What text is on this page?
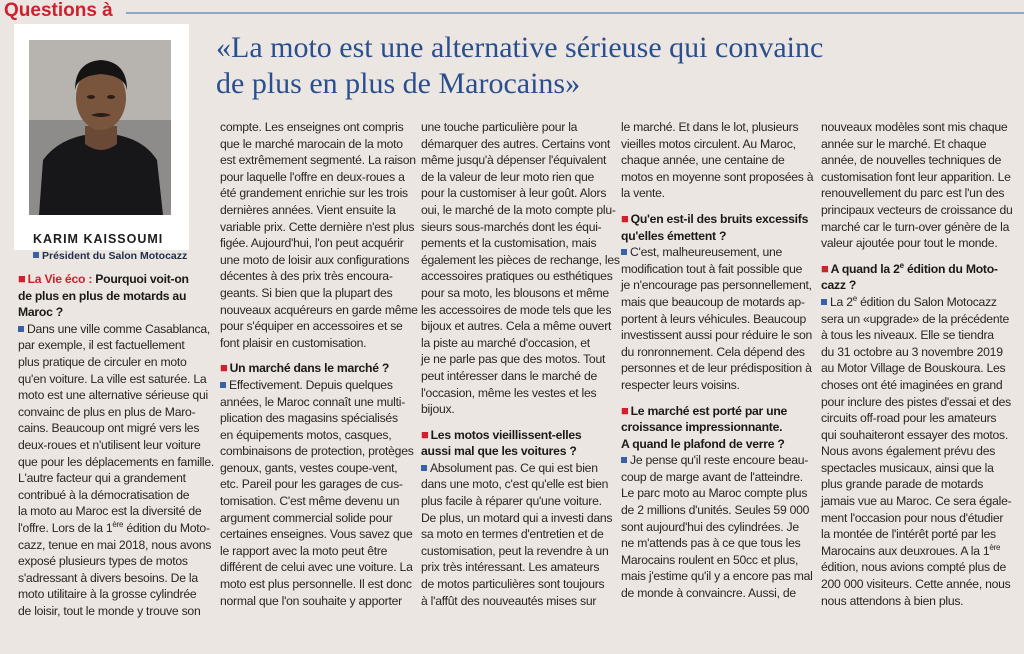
Questions à
KARIM KAISSOUMI
Président du Salon Motocazz
«La moto est une alternative sérieuse qui convainc
de plus en plus de Marocains»
■ La Vie éco : Pourquoi voit-on
de plus en plus de motards au
Maroc ?
Dans une ville comme Casablanca,
par exemple, il est factuellement
plus pratique de circuler en moto
qu'en voiture. La ville est saturée. La
moto est une alternative sérieuse qui
convainc de plus en plus de Maro-
cains. Beaucoup ont migré vers les
deux-roues et n'utilisent leur voiture
que pour les déplacements en famille.
L'autre facteur qui a grandement
contribué à la démocratisation de
la moto au Maroc est la diversité de
l'offre. Lors de la 1ère édition du Moto-
cazz, tenue en mai 2018, nous avons
exposé plusieurs types de motos
s'adressant à divers besoins. De la
moto utilitaire à la grosse cylindrée
de loisir, tout le monde y trouve son
compte. Les enseignes ont compris
que le marché marocain de la moto
est extrêmement segmenté. La raison
pour laquelle l'offre en deux-roues a
été grandement enrichie sur les trois
dernières années. Vient ensuite la
variable prix. Cette dernière n'est plus
figée. Aujourd'hui, l'on peut acquérir
une moto de loisir aux configurations
décentes à des prix très encoura-
geants. Si bien que la plupart des
nouveaux acquéreurs en garde même
pour s'équiper en accessoires et se
font plaisir en customisation.
■ Un marché dans le marché ?
Effectivement. Depuis quelques
années, le Maroc connaît une multi-
plication des magasins spécialisés
en équipements motos, casques,
combinaisons de protection, protèges
genoux, gants, vestes coupe-vent,
etc. Pareil pour les garages de cus-
tomisation. C'est même devenu un
argument commercial solide pour
certaines enseignes. Vous savez que
le rapport avec la moto peut être
différent de celui avec une voiture. La
moto est plus personnelle. Il est donc
normal que l'on souhaite y apporter
une touche particulière pour la
démarquer des autres. Certains vont
même jusqu'à dépenser l'équivalent
de la valeur de leur moto rien que
pour la customiser à leur goût. Alors
oui, le marché de la moto compte plu-
sieurs sous-marchés dont les équi-
pements et la customisation, mais
également les pièces de rechange, les
accessoires pratiques ou esthétiques
pour sa moto, les blousons et même
les accessoires de mode tels que les
bijoux et autres. Cela a même ouvert
la piste au marché d'occasion, et
je ne parle pas que des motos. Tout
peut intéresser dans le marché de
l'occasion, même les vestes et les
bijoux.
■ Les motos vieillissent-elles
aussi mal que les voitures ?
Absolument pas. Ce qui est bien
dans une moto, c'est qu'elle est bien
plus facile à réparer qu'une voiture.
De plus, un motard qui a investi dans
sa moto en termes d'entretien et de
customisation, peut la revendre à un
prix très intéressant. Les amateurs
de motos particulières sont toujours
à l'affût des nouveautés mises sur
le marché. Et dans le lot, plusieurs
vieilles motos circulent. Au Maroc,
chaque année, une centaine de
motos en moyenne sont proposées à
la vente.
■ Qu'en est-il des bruits excessifs
qu'elles émettent ?
C'est, malheureusement, une
modification tout à fait possible que
je n'encourage pas personnellement,
mais que beaucoup de motards ap-
portent à leurs véhicules. Beaucoup
investissent aussi pour réduire le son
du ronronnement. Cela dépend des
personnes et de leur prédisposition à
respecter leurs voisins.
■ Le marché est porté par une
croissance impressionnante.
A quand le plafond de verre ?
Je pense qu'il reste encoure beau-
coup de marge avant de l'atteindre.
Le parc moto au Maroc compte plus
de 2 millions d'unités. Seules 59 000
sont aujourd'hui des cylindrées. Je
ne m'attends pas à ce que tous les
Marocains roulent en 50cc et plus,
mais j'estime qu'il y a encore pas mal
de monde à convaincre. Aussi, de
nouveaux modèles sont mis chaque
année sur le marché. Et chaque
année, de nouvelles techniques de
customisation font leur apparition. Le
renouvellement du parc est l'un des
principaux vecteurs de croissance du
marché car le turn-over génère de la
valeur ajoutée pour tout le monde.
■ A quand la 2e édition du Moto-
cazz ?
La 2e édition du Salon Motocazz
sera un «upgrade» de la précédente
à tous les niveaux. Elle se tiendra
du 31 octobre au 3 novembre 2019
au Motor Village de Bouskoura. Les
choses ont été imaginées en grand
pour inclure des pistes d'essai et des
circuits off-road pour les amateurs
qui souhaiteront essayer des motos.
Nous avons également prévu des
spectacles musicaux, ainsi que la
plus grande parade de motards
jamais vue au Maroc. Ce sera égale-
ment l'occasion pour nous d'étudier
la montée de l'intérêt porté par les
Marocains aux deuxroues. A la 1ère
édition, nous avions compté plus de
200 000 visiteurs. Cette année, nous
nous attendons à bien plus.
